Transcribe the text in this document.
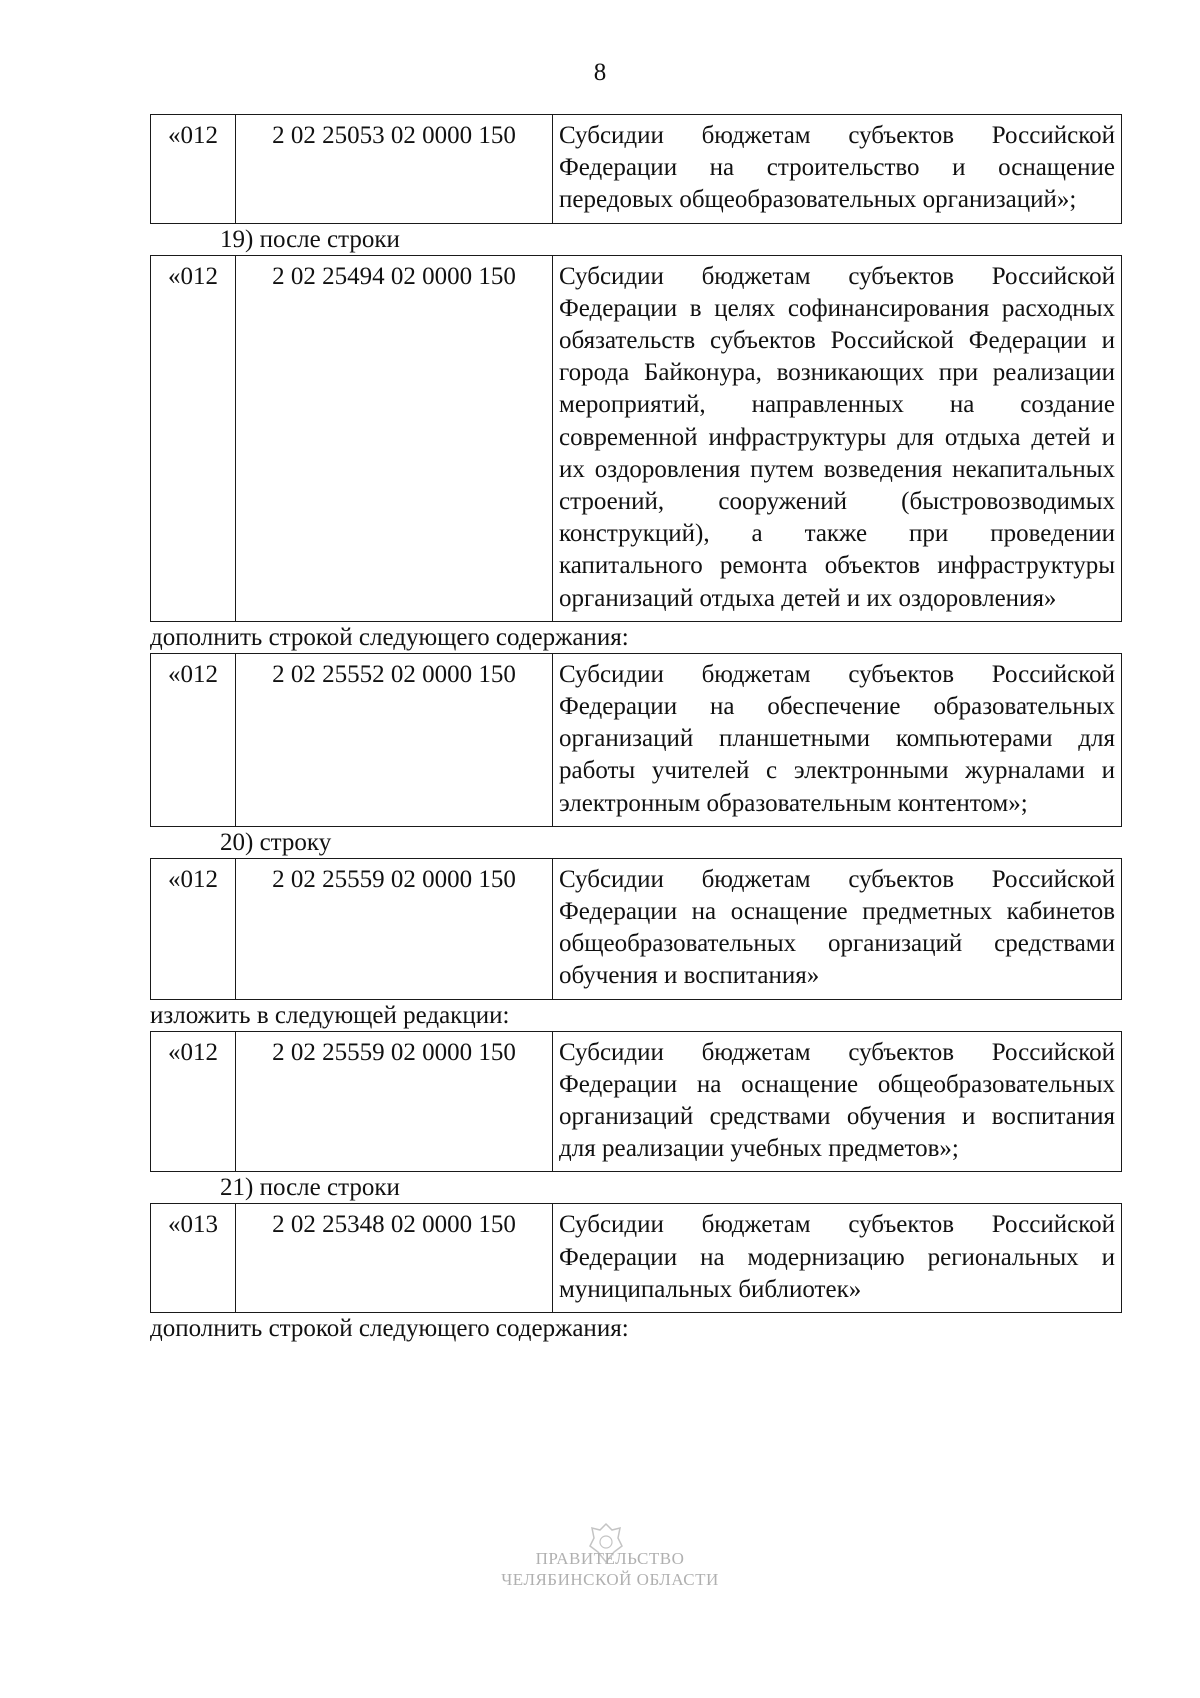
8
«012	2 02 25053 02 0000 150	Субсидии бюджетам субъектов Российской Федерации на строительство и оснащение передовых общеобразовательных организаций»;
19) после строки
«012	2 02 25494 02 0000 150	Субсидии бюджетам субъектов Российской Федерации в целях софинансирования расходных обязательств субъектов Российской Федерации и города Байконура, возникающих при реализации мероприятий, направленных на создание современной инфраструктуры для отдыха детей и их оздоровления путем возведения некапитальных строений, сооружений (быстровозводимых конструкций), а также при проведении капитального ремонта объектов инфраструктуры организаций отдыха детей и их оздоровления»
дополнить строкой следующего содержания:
«012	2 02 25552 02 0000 150	Субсидии бюджетам субъектов Российской Федерации на обеспечение образовательных организаций планшетными компьютерами для работы учителей с электронными журналами и электронным образовательным контентом»;
20) строку
«012	2 02 25559 02 0000 150	Субсидии бюджетам субъектов Российской Федерации на оснащение предметных кабинетов общеобразовательных организаций средствами обучения и воспитания»
изложить в следующей редакции:
«012	2 02 25559 02 0000 150	Субсидии бюджетам субъектов Российской Федерации на оснащение общеобразовательных организаций средствами обучения и воспитания для реализации учебных предметов»;
21) после строки
«013	2 02 25348 02 0000 150	Субсидии бюджетам субъектов Российской Федерации на модернизацию региональных и муниципальных библиотек»
дополнить строкой следующего содержания:
ПРАВИТЕЛЬСТВО
ЧЕЛЯБИНСКОЙ ОБЛАСТИ
